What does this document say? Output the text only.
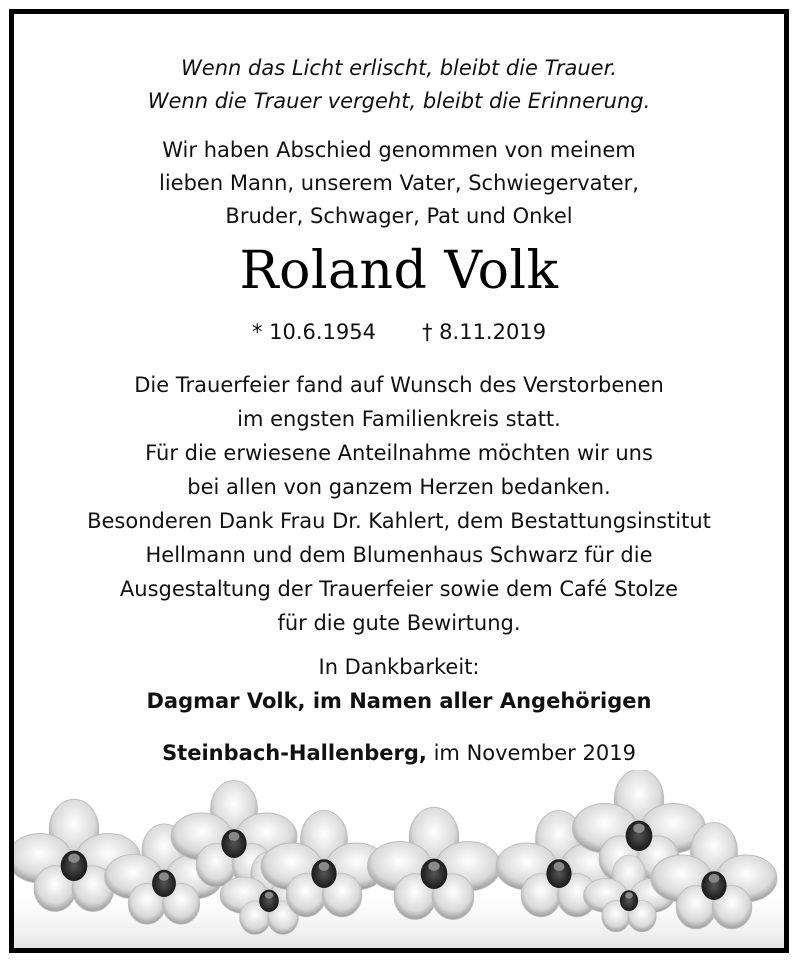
Wenn das Licht erlischt, bleibt die Trauer.
Wenn die Trauer vergeht, bleibt die Erinnerung.
Wir haben Abschied genommen von meinem
lieben Mann, unserem Vater, Schwiegervater,
Bruder, Schwager, Pat und Onkel
Roland Volk
* 10.6.1954 † 8.11.2019
Die Trauerfeier fand auf Wunsch des Verstorbenen
im engsten Familienkreis statt.
Für die erwiesene Anteilnahme möchten wir uns
bei allen von ganzem Herzen bedanken.
Besonderen Dank Frau Dr. Kahlert, dem Bestattungsinstitut
Hellmann und dem Blumenhaus Schwarz für die
Ausgestaltung der Trauerfeier sowie dem Café Stolze
für die gute Bewirtung.
In Dankbarkeit:
Dagmar Volk, im Namen aller Angehörigen
Steinbach-Hallenberg, im November 2019
